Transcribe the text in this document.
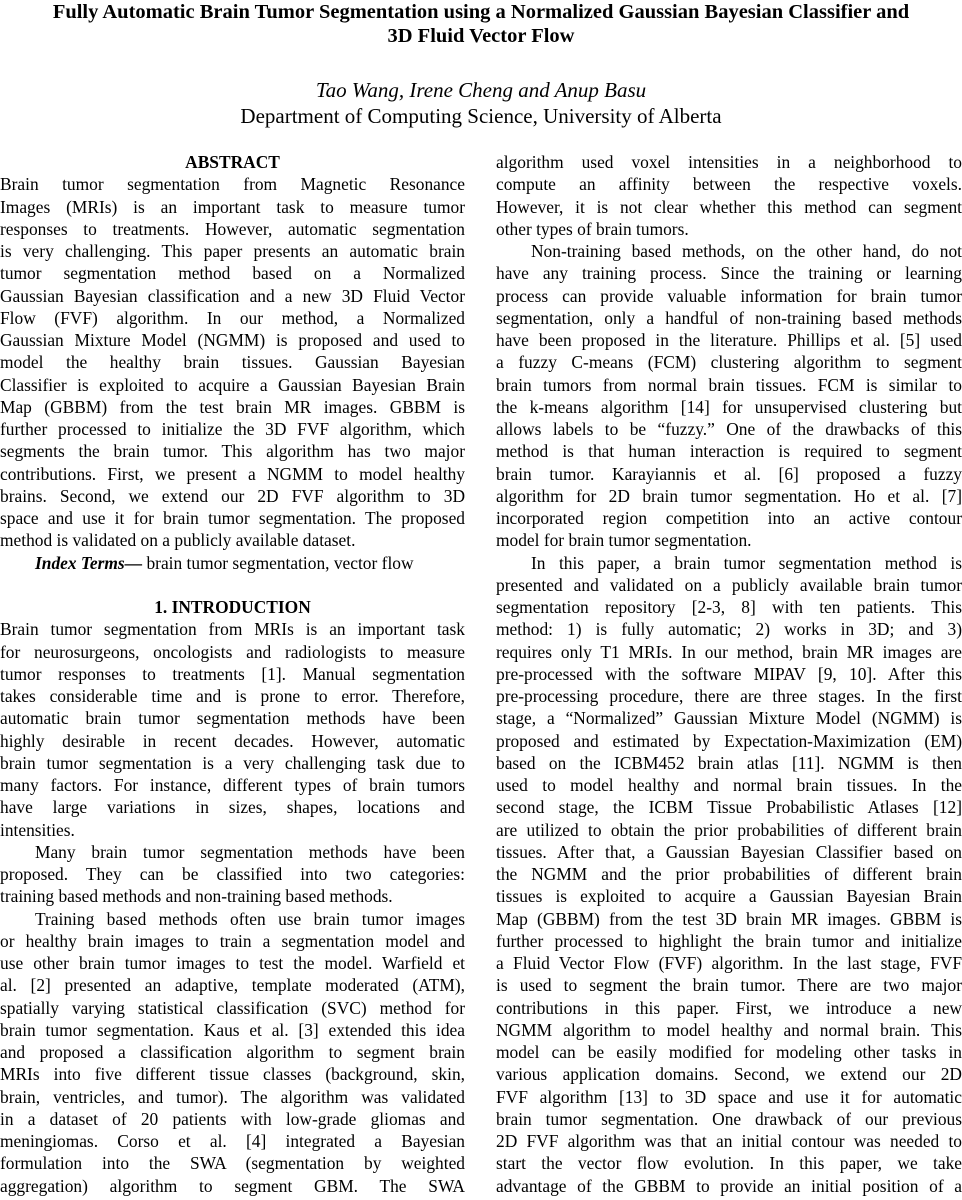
Fully Automatic Brain Tumor Segmentation using a Normalized Gaussian Bayesian Classifier and
3D Fluid Vector Flow
Tao Wang, Irene Cheng and Anup Basu
Department of Computing Science, University of Alberta
ABSTRACT
Brain tumor segmentation from Magnetic Resonance
Images (MRIs) is an important task to measure tumor
responses to treatments. However, automatic segmentation
is very challenging. This paper presents an automatic brain
tumor segmentation method based on a Normalized
Gaussian Bayesian classification and a new 3D Fluid Vector
Flow (FVF) algorithm. In our method, a Normalized
Gaussian Mixture Model (NGMM) is proposed and used to
model the healthy brain tissues. Gaussian Bayesian
Classifier is exploited to acquire a Gaussian Bayesian Brain
Map (GBBM) from the test brain MR images. GBBM is
further processed to initialize the 3D FVF algorithm, which
segments the brain tumor. This algorithm has two major
contributions. First, we present a NGMM to model healthy
brains. Second, we extend our 2D FVF algorithm to 3D
space and use it for brain tumor segmentation. The proposed
method is validated on a publicly available dataset.
Index Terms— brain tumor segmentation, vector flow
1. INTRODUCTION
Brain tumor segmentation from MRIs is an important task
for neurosurgeons, oncologists and radiologists to measure
tumor responses to treatments [1]. Manual segmentation
takes considerable time and is prone to error. Therefore,
automatic brain tumor segmentation methods have been
highly desirable in recent decades. However, automatic
brain tumor segmentation is a very challenging task due to
many factors. For instance, different types of brain tumors
have large variations in sizes, shapes, locations and
intensities.
Many brain tumor segmentation methods have been
proposed. They can be classified into two categories:
training based methods and non-training based methods.
Training based methods often use brain tumor images
or healthy brain images to train a segmentation model and
use other brain tumor images to test the model. Warfield et
al. [2] presented an adaptive, template moderated (ATM),
spatially varying statistical classification (SVC) method for
brain tumor segmentation. Kaus et al. [3] extended this idea
and proposed a classification algorithm to segment brain
MRIs into five different tissue classes (background, skin,
brain, ventricles, and tumor). The algorithm was validated
in a dataset of 20 patients with low-grade gliomas and
meningiomas. Corso et al. [4] integrated a Bayesian
formulation into the SWA (segmentation by weighted
aggregation) algorithm to segment GBM. The SWA
algorithm used voxel intensities in a neighborhood to
compute an affinity between the respective voxels.
However, it is not clear whether this method can segment
other types of brain tumors.
Non-training based methods, on the other hand, do not
have any training process. Since the training or learning
process can provide valuable information for brain tumor
segmentation, only a handful of non-training based methods
have been proposed in the literature. Phillips et al. [5] used
a fuzzy C-means (FCM) clustering algorithm to segment
brain tumors from normal brain tissues. FCM is similar to
the k-means algorithm [14] for unsupervised clustering but
allows labels to be “fuzzy.” One of the drawbacks of this
method is that human interaction is required to segment
brain tumor. Karayiannis et al. [6] proposed a fuzzy
algorithm for 2D brain tumor segmentation. Ho et al. [7]
incorporated region competition into an active contour
model for brain tumor segmentation.
In this paper, a brain tumor segmentation method is
presented and validated on a publicly available brain tumor
segmentation repository [2-3, 8] with ten patients. This
method: 1) is fully automatic; 2) works in 3D; and 3)
requires only T1 MRIs. In our method, brain MR images are
pre-processed with the software MIPAV [9, 10]. After this
pre-processing procedure, there are three stages. In the first
stage, a “Normalized” Gaussian Mixture Model (NGMM) is
proposed and estimated by Expectation-Maximization (EM)
based on the ICBM452 brain atlas [11]. NGMM is then
used to model healthy and normal brain tissues. In the
second stage, the ICBM Tissue Probabilistic Atlases [12]
are utilized to obtain the prior probabilities of different brain
tissues. After that, a Gaussian Bayesian Classifier based on
the NGMM and the prior probabilities of different brain
tissues is exploited to acquire a Gaussian Bayesian Brain
Map (GBBM) from the test 3D brain MR images. GBBM is
further processed to highlight the brain tumor and initialize
a Fluid Vector Flow (FVF) algorithm. In the last stage, FVF
is used to segment the brain tumor. There are two major
contributions in this paper. First, we introduce a new
NGMM algorithm to model healthy and normal brain. This
model can be easily modified for modeling other tasks in
various application domains. Second, we extend our 2D
FVF algorithm [13] to 3D space and use it for automatic
brain tumor segmentation. One drawback of our previous
2D FVF algorithm was that an initial contour was needed to
start the vector flow evolution. In this paper, we take
advantage of the GBBM to provide an initial position of a
